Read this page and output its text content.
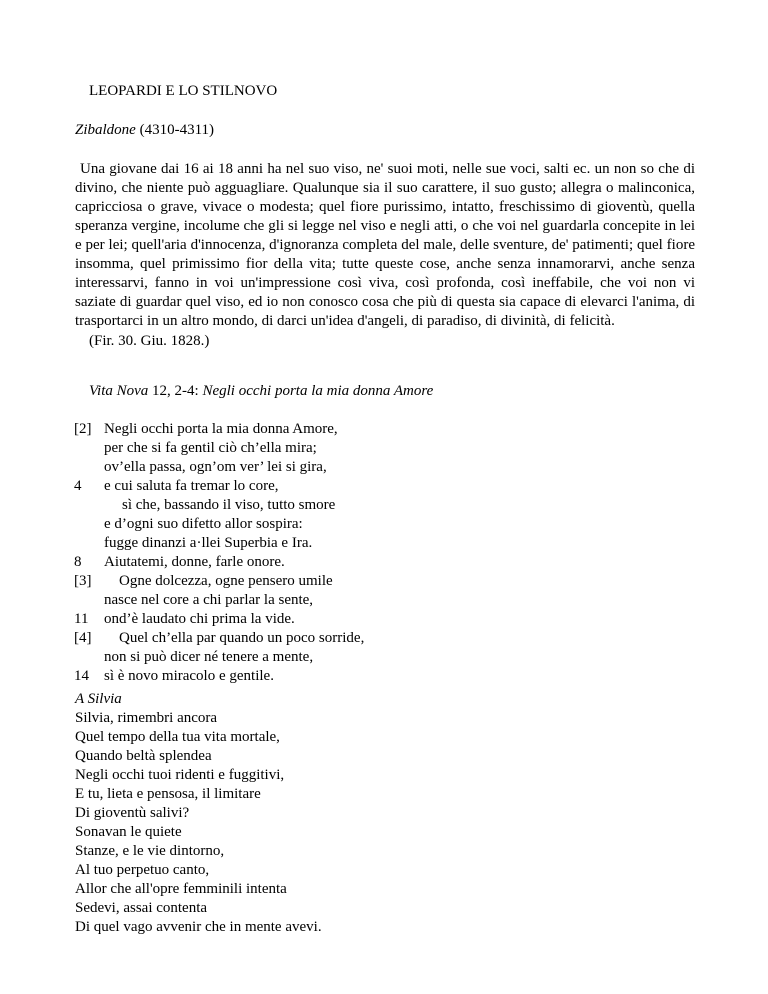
LEOPARDI E LO STILNOVO
Zibaldone (4310-4311)

Una giovane dai 16 ai 18 anni ha nel suo viso, ne' suoi moti, nelle sue voci, salti ec. un non so che di divino, che niente può agguagliare. Qualunque sia il suo carattere, il suo gusto; allegra o malinconica, capricciosa o grave, vivace o modesta; quel fiore purissimo, intatto, freschissimo di gioventù, quella speranza vergine, incolume che gli si legge nel viso e negli atti, o che voi nel guardarla concepite in lei e per lei; quell'aria d'innocenza, d'ignoranza completa del male, delle sventure, de' patimenti; quel fiore insomma, quel primissimo fior della vita; tutte queste cose, anche senza innamorarvi, anche senza interessarvi, fanno in voi un'impressione così viva, così profonda, così ineffabile, che voi non vi saziate di guardar quel viso, ed io non conosco cosa che più di questa sia capace di elevarci l'anima, di trasportarci in un altro mondo, di darci un'idea d'angeli, di paradiso, di divinità, di felicità.

(Fir. 30. Giu. 1828.)
Vita Nova 12, 2-4: Negli occhi porta la mia donna Amore
[2] Negli occhi porta la mia donna Amore,
per che si fa gentil ciò ch’ella mira;
ov’ella passa, ogn’om ver’ lei si gira,
4	e cui saluta fa tremar lo core,
sì che, bassando il viso, tutto smore
e d’ogni suo difetto allor sospira:
fugge dinanzi a·llei Superbia e Ira.
8	Aiutatemi, donne, farle onore.
[3]	Ogne dolcezza, ogne pensero umile
nasce nel core a chi parlar la sente,
11	ond’è laudato chi prima la vide.
[4]	Quel ch’ella par quando un poco sorride,
non si può dicer né tenere a mente,
14	sì è novo miracolo e gentile.
A Silvia
Silvia, rimembri ancora
Quel tempo della tua vita mortale,
Quando beltà splendea
Negli occhi tuoi ridenti e fuggitivi,
E tu, lieta e pensosa, il limitare
Di gioventù salivi?
Sonavan le quiete
Stanze, e le vie dintorno,
Al tuo perpetuo canto,
Allor che all'opre femminili intenta
Sedevi, assai contenta
Di quel vago avvenir che in mente avevi.
